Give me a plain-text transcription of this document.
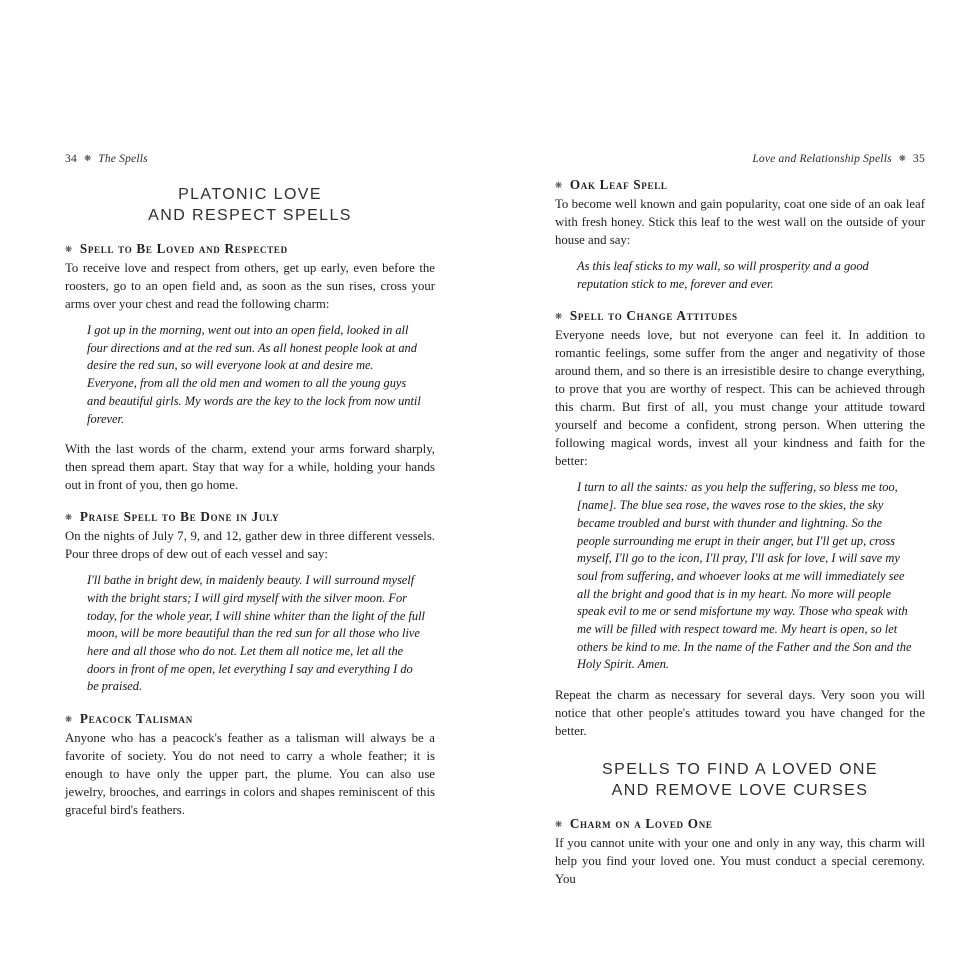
34 ❋ The Spells
PLATONIC LOVE
AND RESPECT SPELLS
❋ Spell to Be Loved and Respected

To receive love and respect from others, get up early, even before the roosters, go to an open field and, as soon as the sun rises, cross your arms over your chest and read the following charm:

I got up in the morning, went out into an open field, looked in all four directions and at the red sun. As all honest people look at and desire the red sun, so will everyone look at and desire me. Everyone, from all the old men and women to all the young guys and beautiful girls. My words are the key to the lock from now until forever.

With the last words of the charm, extend your arms forward sharply, then spread them apart. Stay that way for a while, holding your hands out in front of you, then go home.

❋ Praise Spell to Be Done in July

On the nights of July 7, 9, and 12, gather dew in three different vessels. Pour three drops of dew out of each vessel and say:

I'll bathe in bright dew, in maidenly beauty. I will surround myself with the bright stars; I will gird myself with the silver moon. For today, for the whole year, I will shine whiter than the light of the full moon, will be more beautiful than the red sun for all those who live here and all those who do not. Let them all notice me, let all the doors in front of me open, let everything I say and everything I do be praised.
❋ Peacock Talisman

Anyone who has a peacock's feather as a talisman will always be a favorite of society. You do not need to carry a whole feather; it is enough to have only the upper part, the plume. You can also use jewelry, brooches, and earrings in colors and shapes reminiscent of this graceful bird's feathers.

Love and Relationship Spells ❋ 35
❋ Oak Leaf Spell

To become well known and gain popularity, coat one side of an oak leaf with fresh honey. Stick this leaf to the west wall on the outside of your house and say:

As this leaf sticks to my wall, so will prosperity and a good reputation stick to me, forever and ever.
❋ Spell to Change Attitudes

Everyone needs love, but not everyone can feel it. In addition to romantic feelings, some suffer from the anger and negativity of those around them, and so there is an irresistible desire to change everything, to prove that you are worthy of respect. This can be achieved through this charm. But first of all, you must change your attitude toward yourself and become a confident, strong person. When uttering the following magical words, invest all your kindness and faith for the better:

I turn to all the saints: as you help the suffering, so bless me too, [name]. The blue sea rose, the waves rose to the skies, the sky became troubled and burst with thunder and lightning. So the people surrounding me erupt in their anger, but I'll get up, cross myself, I'll go to the icon, I'll pray, I'll ask for love, I will save my soul from suffering, and whoever looks at me will immediately see all the bright and good that is in my heart. No more will people speak evil to me or send misfortune my way. Those who speak with me will be filled with respect toward me. My heart is open, so let others be kind to me. In the name of the Father and the Son and the Holy Spirit. Amen.

Repeat the charm as necessary for several days. Very soon you will notice that other people's attitudes toward you have changed for the better.

SPELLS TO FIND A LOVED ONE
AND REMOVE LOVE CURSES
❋ Charm on a Loved One

If you cannot unite with your one and only in any way, this charm will help you find your loved one. You must conduct a special ceremony. You
